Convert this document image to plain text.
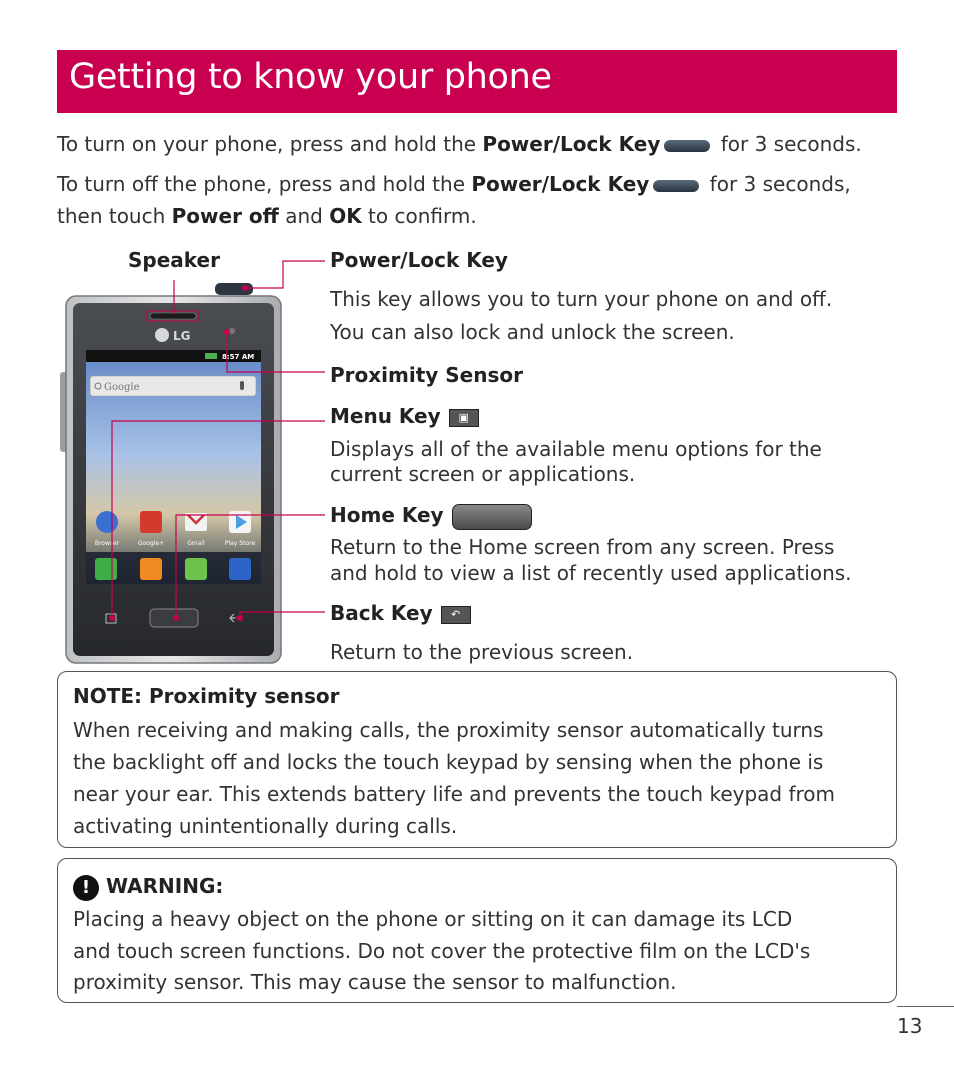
Getting to know your phone
To turn on your phone, press and hold the Power/Lock Key	for 3 seconds.
To turn off the phone, press and hold the Power/Lock Key	for 3 seconds,
then touch Power off and OK to confirm.
LG
8:57 AM
Google
Browser	Google+	Gmail	Play Store
Speaker	Power/Lock Key
This key allows you to turn your phone on and off.
You can also lock and unlock the screen.
Proximity Sensor
Menu Key ▣
Displays all of the available menu options for the
current screen or applications.
Home Key
Return to the Home screen from any screen. Press
and hold to view a list of recently used applications.
Back Key ↶
Return to the previous screen.
NOTE: Proximity sensor
When receiving and making calls, the proximity sensor automatically turns
the backlight off and locks the touch keypad by sensing when the phone is
near your ear. This extends battery life and prevents the touch keypad from
activating unintentionally during calls.
! WARNING:
Placing a heavy object on the phone or sitting on it can damage its LCD
and touch screen functions. Do not cover the protective film on the LCD's
proximity sensor. This may cause the sensor to malfunction.
13
